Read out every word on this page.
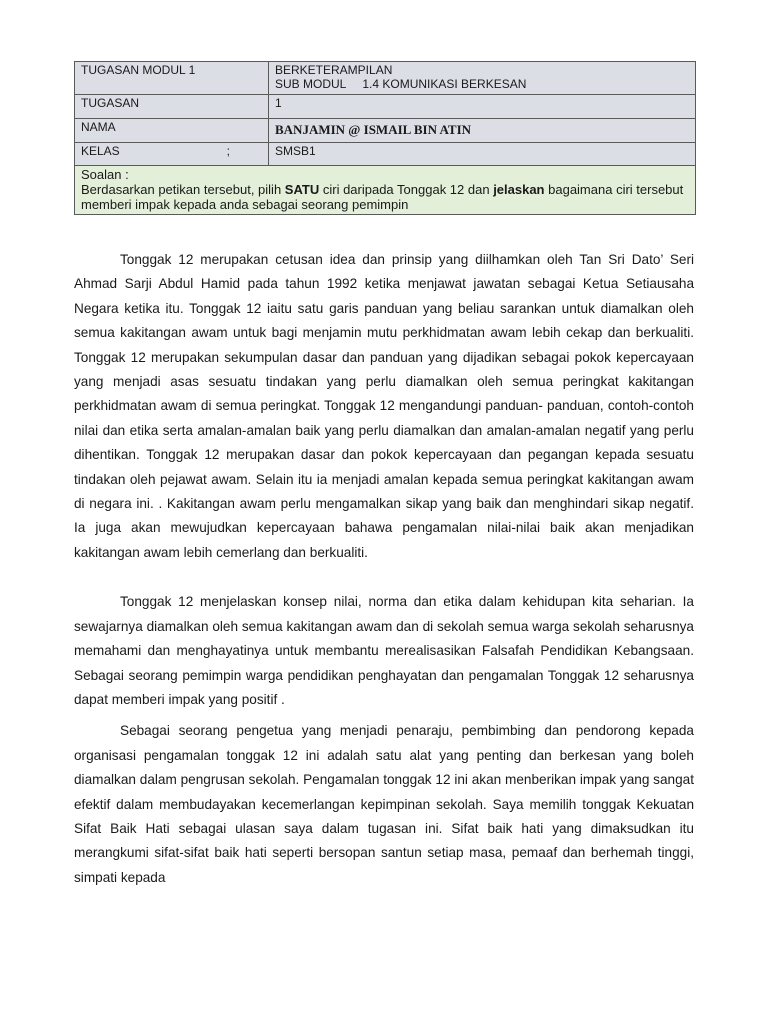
TUGASAN MODUL 1	BERKETERAMPILAN
SUB MODUL 1.4 KOMUNIKASI BERKESAN

TUGASAN	1
NAMA	BANJAMIN @ ISMAIL BIN ATIN

KELAS ;	SMSB1

Soalan :
Berdasarkan petikan tersebut, pilih SATU ciri daripada Tonggak 12 dan jelaskan bagaimana ciri tersebut memberi impak kepada anda sebagai seorang pemimpin	

Tonggak 12 merupakan cetusan idea dan prinsip yang diilhamkan oleh Tan Sri Dato’ Seri Ahmad Sarji Abdul Hamid pada tahun 1992 ketika menjawat jawatan sebagai Ketua Setiausaha Negara ketika itu. Tonggak 12 iaitu satu garis panduan yang beliau sarankan untuk diamalkan oleh semua kakitangan awam untuk bagi menjamin mutu perkhidmatan awam lebih cekap dan berkualiti. Tonggak 12 merupakan sekumpulan dasar dan panduan yang dijadikan sebagai pokok kepercayaan yang menjadi asas sesuatu tindakan yang perlu diamalkan oleh semua peringkat kakitangan perkhidmatan awam di semua peringkat. Tonggak 12 mengandungi panduan- panduan, contoh-contoh nilai dan etika serta amalan-amalan baik yang perlu diamalkan dan amalan-amalan negatif yang perlu dihentikan. Tonggak 12 merupakan dasar dan pokok kepercayaan dan pegangan kepada sesuatu tindakan oleh pejawat awam. Selain itu ia menjadi amalan kepada semua peringkat kakitangan awam di negara ini. . Kakitangan awam perlu mengamalkan sikap yang baik dan menghindari sikap negatif. Ia juga akan mewujudkan kepercayaan bahawa pengamalan nilai-nilai baik akan menjadikan kakitangan awam lebih cemerlang dan berkualiti.

Tonggak 12 menjelaskan konsep nilai, norma dan etika dalam kehidupan kita seharian. Ia sewajarnya diamalkan oleh semua kakitangan awam dan di sekolah semua warga sekolah seharusnya memahami dan menghayatinya untuk membantu merealisasikan Falsafah Pendidikan Kebangsaan. Sebagai seorang pemimpin warga pendidikan penghayatan dan pengamalan Tonggak 12 seharusnya dapat memberi impak yang positif .

Sebagai seorang pengetua yang menjadi penaraju, pembimbing dan pendorong kepada organisasi pengamalan tonggak 12 ini adalah satu alat yang penting dan berkesan yang boleh diamalkan dalam pengrusan sekolah. Pengamalan tonggak 12 ini akan menberikan impak yang sangat efektif dalam membudayakan kecemerlangan kepimpinan sekolah. Saya memilih tonggak Kekuatan Sifat Baik Hati sebagai ulasan saya dalam tugasan ini. Sifat baik hati yang dimaksudkan itu merangkumi sifat-sifat baik hati seperti bersopan santun setiap masa, pemaaf dan berhemah tinggi, simpati kepada
